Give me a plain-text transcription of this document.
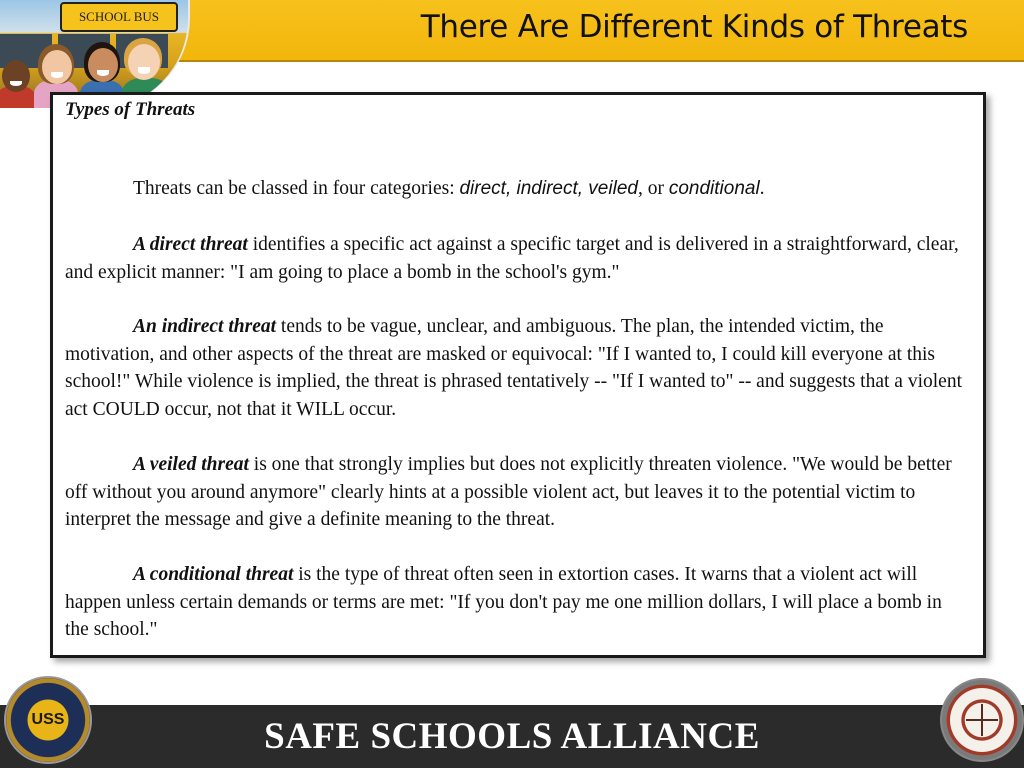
There Are Different Kinds of Threats
SCHOOL BUS
Types of Threats
Threats can be classed in four categories: direct, indirect, veiled, or conditional.
A direct threat identifies a specific act against a specific target and is delivered in a straightforward, clear, and explicit manner: "I am going to place a bomb in the school's gym."
An indirect threat tends to be vague, unclear, and ambiguous. The plan, the intended victim, the motivation, and other aspects of the threat are masked or equivocal: "If I wanted to, I could kill everyone at this school!" While violence is implied, the threat is phrased tentatively -- "If I wanted to" -- and suggests that a violent act COULD occur, not that it WILL occur.
A veiled threat is one that strongly implies but does not explicitly threaten violence. "We would be better off without you around anymore" clearly hints at a possible violent act, but leaves it to the potential victim to interpret the message and give a definite meaning to the threat.
A conditional threat is the type of threat often seen in extortion cases. It warns that a violent act will happen unless certain demands or terms are met: "If you don't pay me one million dollars, I will place a bomb in the school."
SAFE SCHOOLS ALLIANCE
USS
